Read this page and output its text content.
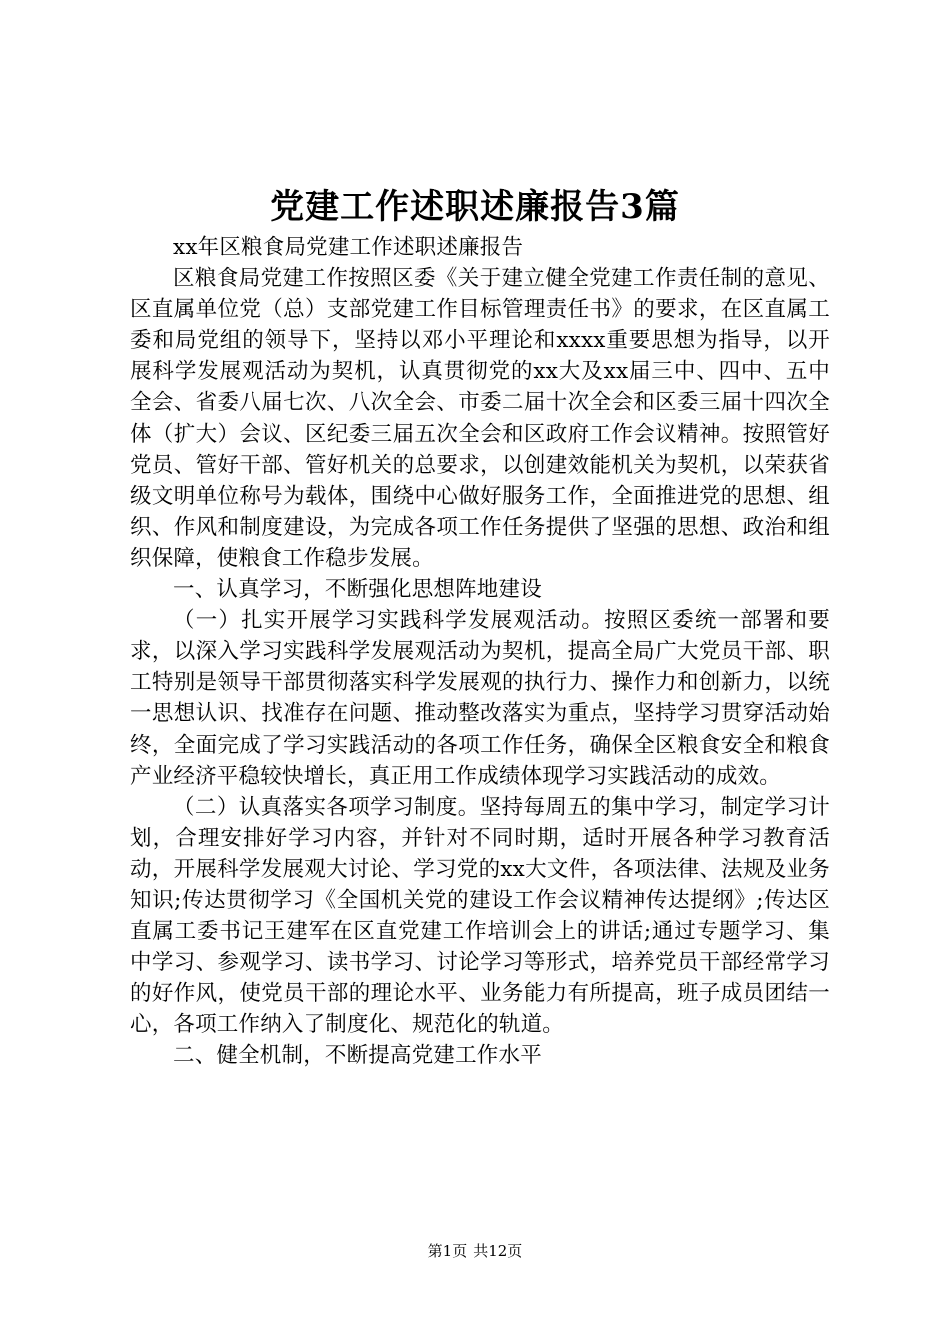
党建工作述职述廉报告3篇

xx年区粮食局党建工作述职述廉报告

区粮食局党建工作按照区委《关于建立健全党建工作责任制的意见、区直属单位党（总）支部党建工作目标管理责任书》的要求，在区直属工委和局党组的领导下，坚持以邓小平理论和xxxx重要思想为指导，以开展科学发展观活动为契机，认真贯彻党的xx大及xx届三中、四中、五中全会、省委八届七次、八次全会、市委二届十次全会和区委三届十四次全体（扩大）会议、区纪委三届五次全会和区政府工作会议精神。按照管好党员、管好干部、管好机关的总要求，以创建效能机关为契机，以荣获省级文明单位称号为载体，围绕中心做好服务工作，全面推进党的思想、组织、作风和制度建设，为完成各项工作任务提供了坚强的思想、政治和组织保障，使粮食工作稳步发展。

一、认真学习，不断强化思想阵地建设

（一）扎实开展学习实践科学发展观活动。按照区委统一部署和要求，以深入学习实践科学发展观活动为契机，提高全局广大党员干部、职工特别是领导干部贯彻落实科学发展观的执行力、操作力和创新力，以统一思想认识、找准存在问题、推动整改落实为重点，坚持学习贯穿活动始终，全面完成了学习实践活动的各项工作任务，确保全区粮食安全和粮食产业经济平稳较快增长，真正用工作成绩体现学习实践活动的成效。

（二）认真落实各项学习制度。坚持每周五的集中学习，制定学习计划，合理安排好学习内容，并针对不同时期，适时开展各种学习教育活动，开展科学发展观大讨论、学习党的xx大文件，各项法律、法规及业务知识;传达贯彻学习《全国机关党的建设工作会议精神传达提纲》;传达区直属工委书记王建军在区直党建工作培训会上的讲话;通过专题学习、集中学习、参观学习、读书学习、讨论学习等形式，培养党员干部经常学习的好作风，使党员干部的理论水平、业务能力有所提高，班子成员团结一心，各项工作纳入了制度化、规范化的轨道。

二、健全机制，不断提高党建工作水平

第1页 共12页
